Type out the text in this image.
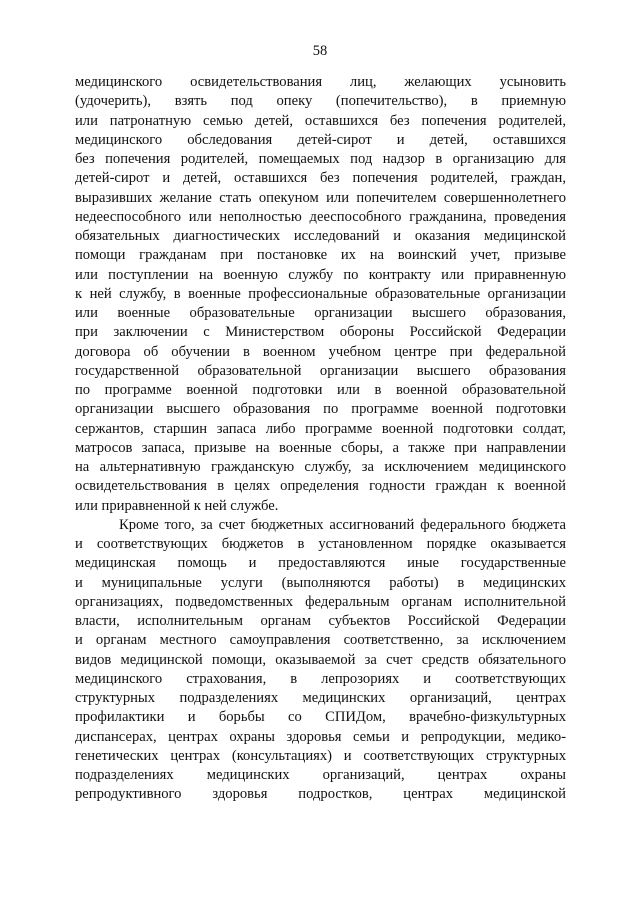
58
медицинского освидетельствования лиц, желающих усыновить
(удочерить), взять под опеку (попечительство), в приемную
или патронатную семью детей, оставшихся без попечения родителей,
медицинского обследования детей-сирот и детей, оставшихся
без попечения родителей, помещаемых под надзор в организацию для
детей-сирот и детей, оставшихся без попечения родителей, граждан,
выразивших желание стать опекуном или попечителем совершеннолетнего
недееспособного или неполностью дееспособного гражданина, проведения
обязательных диагностических исследований и оказания медицинской
помощи гражданам при постановке их на воинский учет, призыве
или поступлении на военную службу по контракту или приравненную
к ней службу, в военные профессиональные образовательные организации
или военные образовательные организации высшего образования,
при заключении с Министерством обороны Российской Федерации
договора об обучении в военном учебном центре при федеральной
государственной образовательной организации высшего образования
по программе военной подготовки или в военной образовательной
организации высшего образования по программе военной подготовки
сержантов, старшин запаса либо программе военной подготовки солдат,
матросов запаса, призыве на военные сборы, а также при направлении
на альтернативную гражданскую службу, за исключением медицинского
освидетельствования в целях определения годности граждан к военной
или приравненной к ней службе.
Кроме того, за счет бюджетных ассигнований федерального бюджета
и соответствующих бюджетов в установленном порядке оказывается
медицинская помощь и предоставляются иные государственные
и муниципальные услуги (выполняются работы) в медицинских
организациях, подведомственных федеральным органам исполнительной
власти, исполнительным органам субъектов Российской Федерации
и органам местного самоуправления соответственно, за исключением
видов медицинской помощи, оказываемой за счет средств обязательного
медицинского страхования, в лепрозориях и соответствующих
структурных подразделениях медицинских организаций, центрах
профилактики и борьбы со СПИДом, врачебно-физкультурных
диспансерах, центрах охраны здоровья семьи и репродукции, медико-
генетических центрах (консультациях) и соответствующих структурных
подразделениях медицинских организаций, центрах охраны
репродуктивного здоровья подростков, центрах медицинской
